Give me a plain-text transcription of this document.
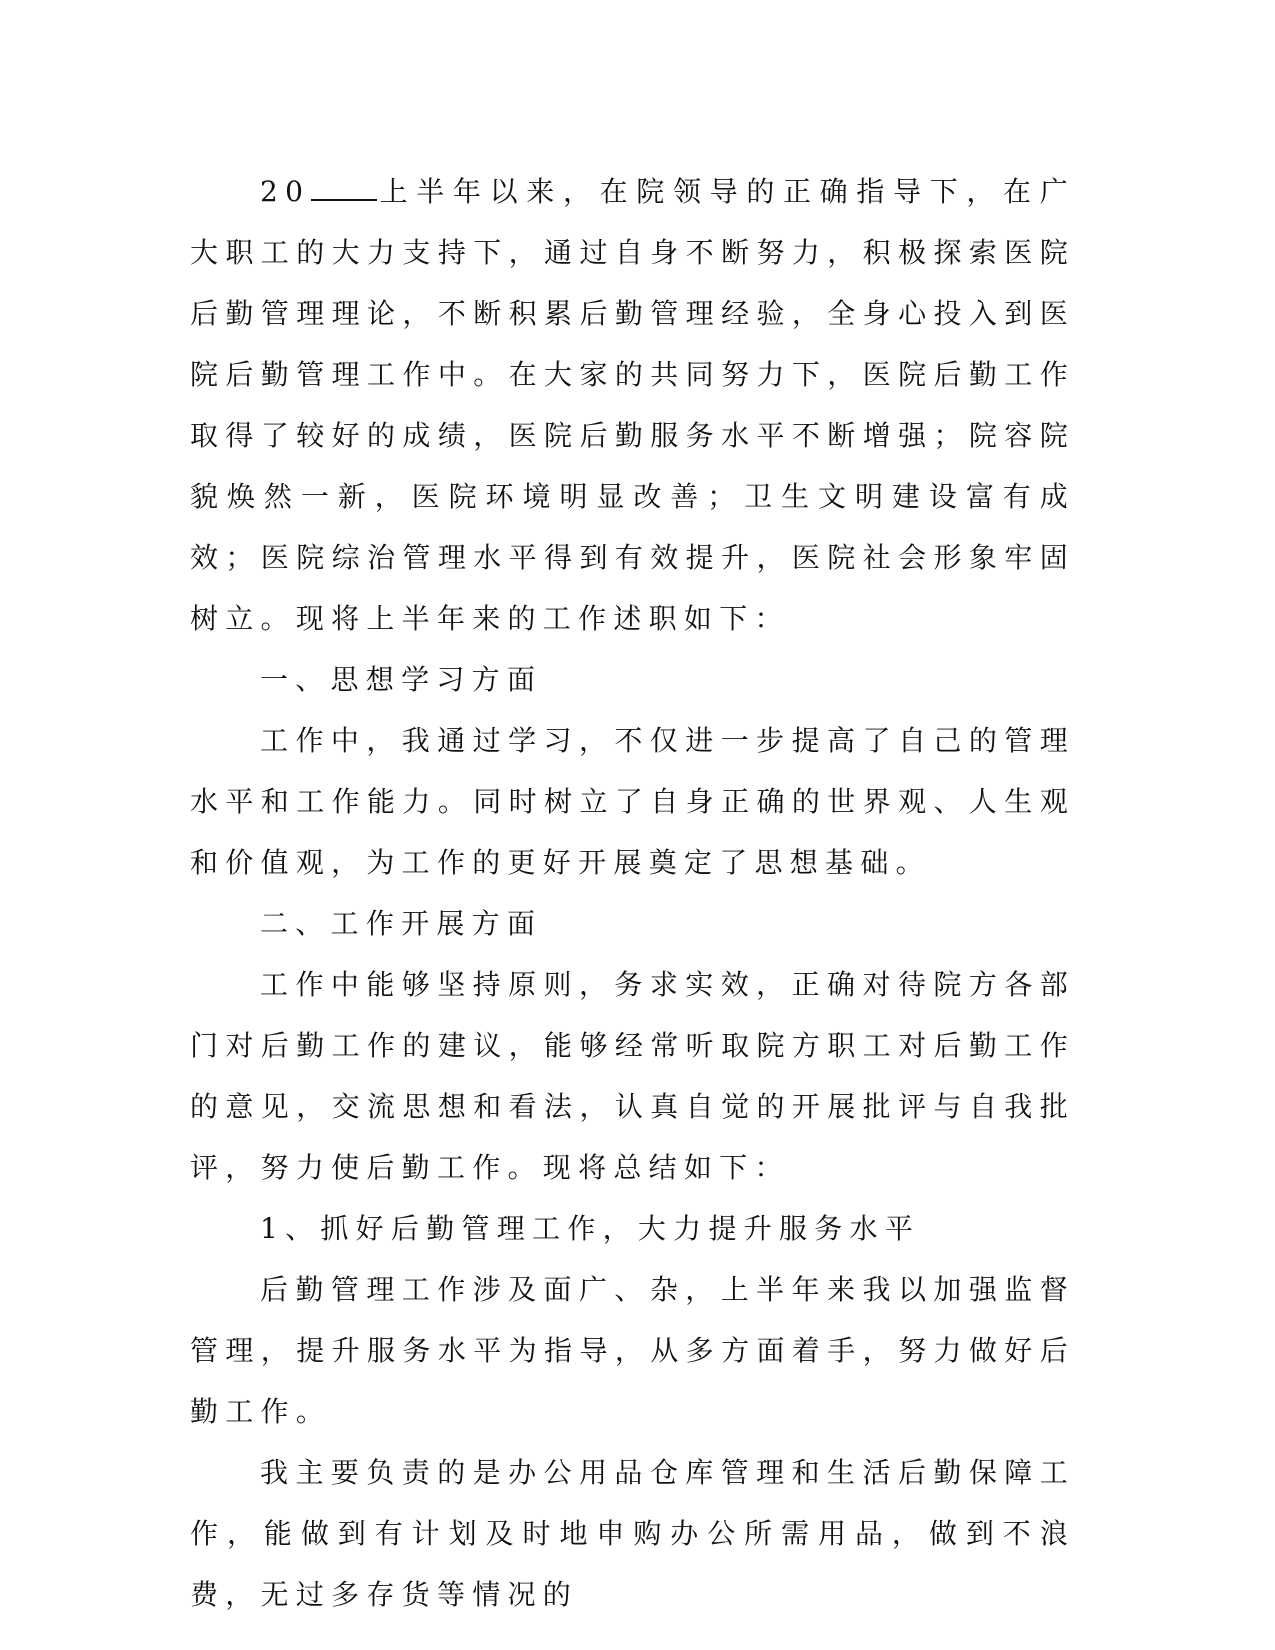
20 上半年以来，在院领导的正确指导下，在广大职工的大力支持下，通过自身不断努力，积极探索医院后勤管理理论，不断积累后勤管理经验，全身心投入到医院后勤管理工作中。在大家的共同努力下，医院后勤工作取得了较好的成绩，医院后勤服务水平不断增强；院容院貌焕然一新，医院环境明显改善；卫生文明建设富有成效；医院综治管理水平得到有效提升，医院社会形象牢固树立。现将上半年来的工作述职如下：

一、思想学习方面

工作中，我通过学习，不仅进一步提高了自己的管理水平和工作能力。同时树立了自身正确的世界观、人生观和价值观，为工作的更好开展奠定了思想基础。

二、工作开展方面

工作中能够坚持原则，务求实效，正确对待院方各部门对后勤工作的建议，能够经常听取院方职工对后勤工作的意见，交流思想和看法，认真自觉的开展批评与自我批评，努力使后勤工作。现将总结如下：

1、抓好后勤管理工作，大力提升服务水平

后勤管理工作涉及面广、杂，上半年来我以加强监督管理，提升服务水平为指导，从多方面着手，努力做好后勤工作。

我主要负责的是办公用品仓库管理和生活后勤保障工作，能做到有计划及时地申购办公所需用品，做到不浪费，无过多存货等情况的
